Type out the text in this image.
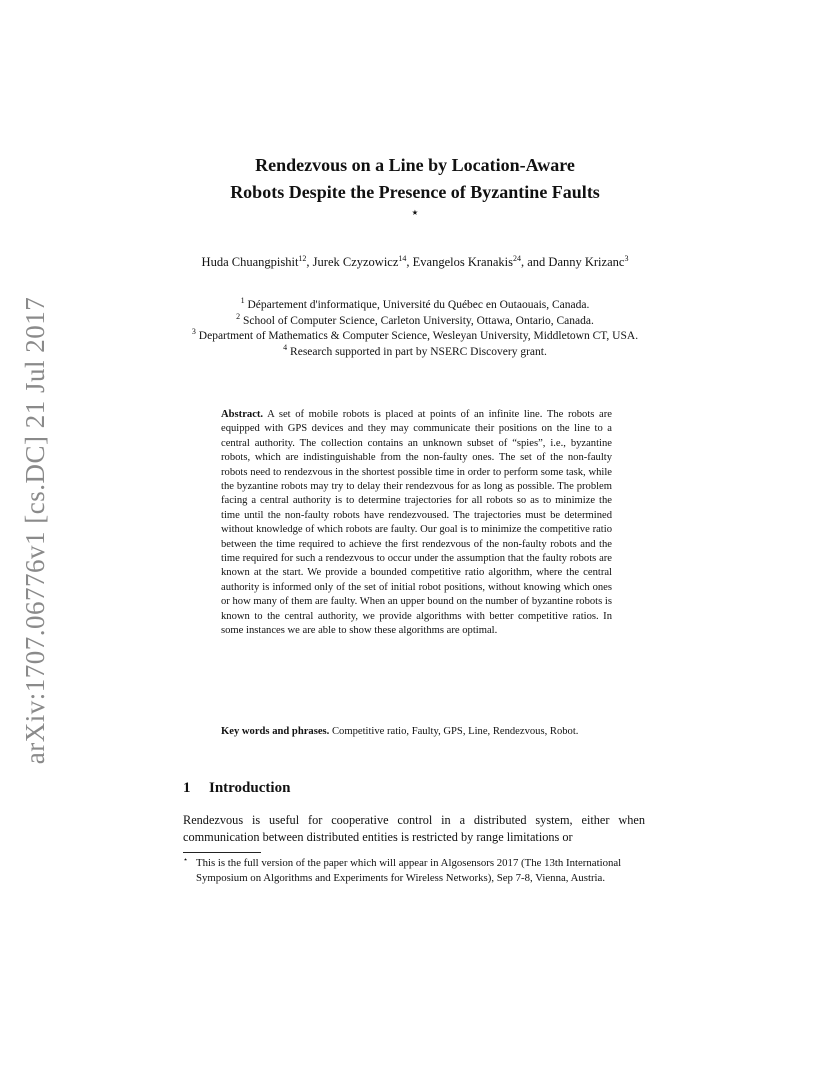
arXiv:1707.06776v1 [cs.DC] 21 Jul 2017
Rendezvous on a Line by Location-Aware
Robots Despite the Presence of Byzantine Faults
⋆
Huda Chuangpishit$^{12}$, Jurek Czyzowicz$^{14}$, Evangelos Kranakis$^{24}$, and Danny Krizanc$^3$
$^1$ Département d'informatique, Université du Québec en Outaouais, Canada.
$^2$ School of Computer Science, Carleton University, Ottawa, Ontario, Canada.
$^3$ Department of Mathematics & Computer Science, Wesleyan University, Middletown CT, USA.
$^4$ Research supported in part by NSERC Discovery grant.
Abstract. A set of mobile robots is placed at points of an infinite line. The robots are equipped with GPS devices and they may communicate their positions on the line to a central authority. The collection contains an unknown subset of “spies”, i.e., byzantine robots, which are indistinguishable from the non-faulty ones. The set of the non-faulty robots need to rendezvous in the shortest possible time in order to perform some task, while the byzantine robots may try to delay their rendezvous for as long as possible. The problem facing a central authority is to determine trajectories for all robots so as to minimize the time until the non-faulty robots have rendezvoused. The trajectories must be determined without knowledge of which robots are faulty. Our goal is to minimize the competitive ratio between the time required to achieve the first rendezvous of the non-faulty robots and the time required for such a rendezvous to occur under the assumption that the faulty robots are known at the start. We provide a bounded competitive ratio algorithm, where the central authority is informed only of the set of initial robot positions, without knowing which ones or how many of them are faulty. When an upper bound on the number of byzantine robots is known to the central authority, we provide algorithms with better competitive ratios. In some instances we are able to show these algorithms are optimal.
Key words and phrases. Competitive ratio, Faulty, GPS, Line, Rendezvous, Robot.
1 Introduction
Rendezvous is useful for cooperative control in a distributed system, either when communication between distributed entities is restricted by range limitations or
⋆ This is the full version of the paper which will appear in Algosensors 2017 (The 13th International Symposium on Algorithms and Experiments for Wireless Networks), Sep 7-8, Vienna, Austria.
